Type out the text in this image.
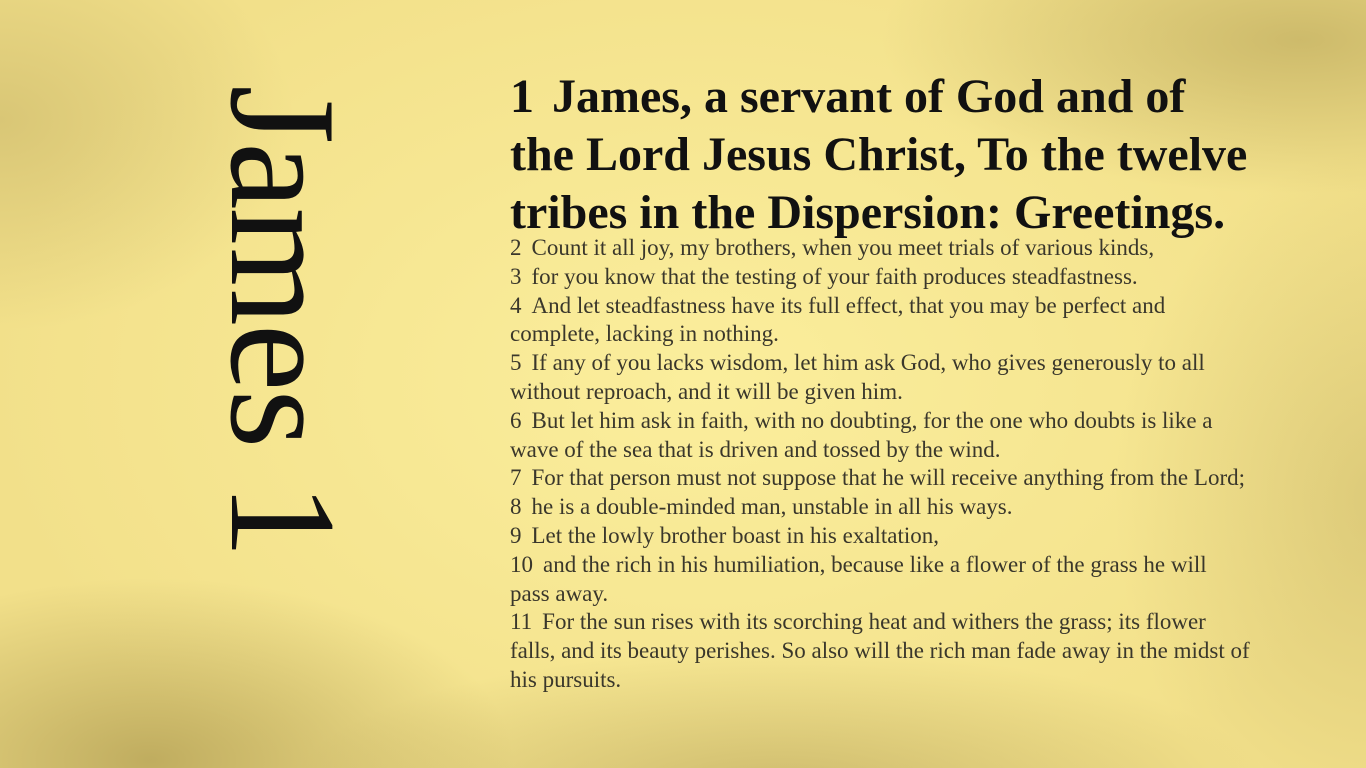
James 1	1 James, a servant of God and of the Lord Jesus Christ, To the twelve tribes in the Dispersion: Greetings.

2 Count it all joy, my brothers, when you meet trials of various kinds,

3 for you know that the testing of your faith produces steadfastness.

4 And let steadfastness have its full effect, that you may be perfect and complete, lacking in nothing.

5 If any of you lacks wisdom, let him ask God, who gives generously to all without reproach, and it will be given him.

6 But let him ask in faith, with no doubting, for the one who doubts is like a wave of the sea that is driven and tossed by the wind.

7 For that person must not suppose that he will receive anything from the Lord;

8 he is a double-minded man, unstable in all his ways.

9 Let the lowly brother boast in his exaltation,

10 and the rich in his humiliation, because like a flower of the grass he will pass away.

11 For the sun rises with its scorching heat and withers the grass; its flower falls, and its beauty perishes. So also will the rich man fade away in the midst of his pursuits.
